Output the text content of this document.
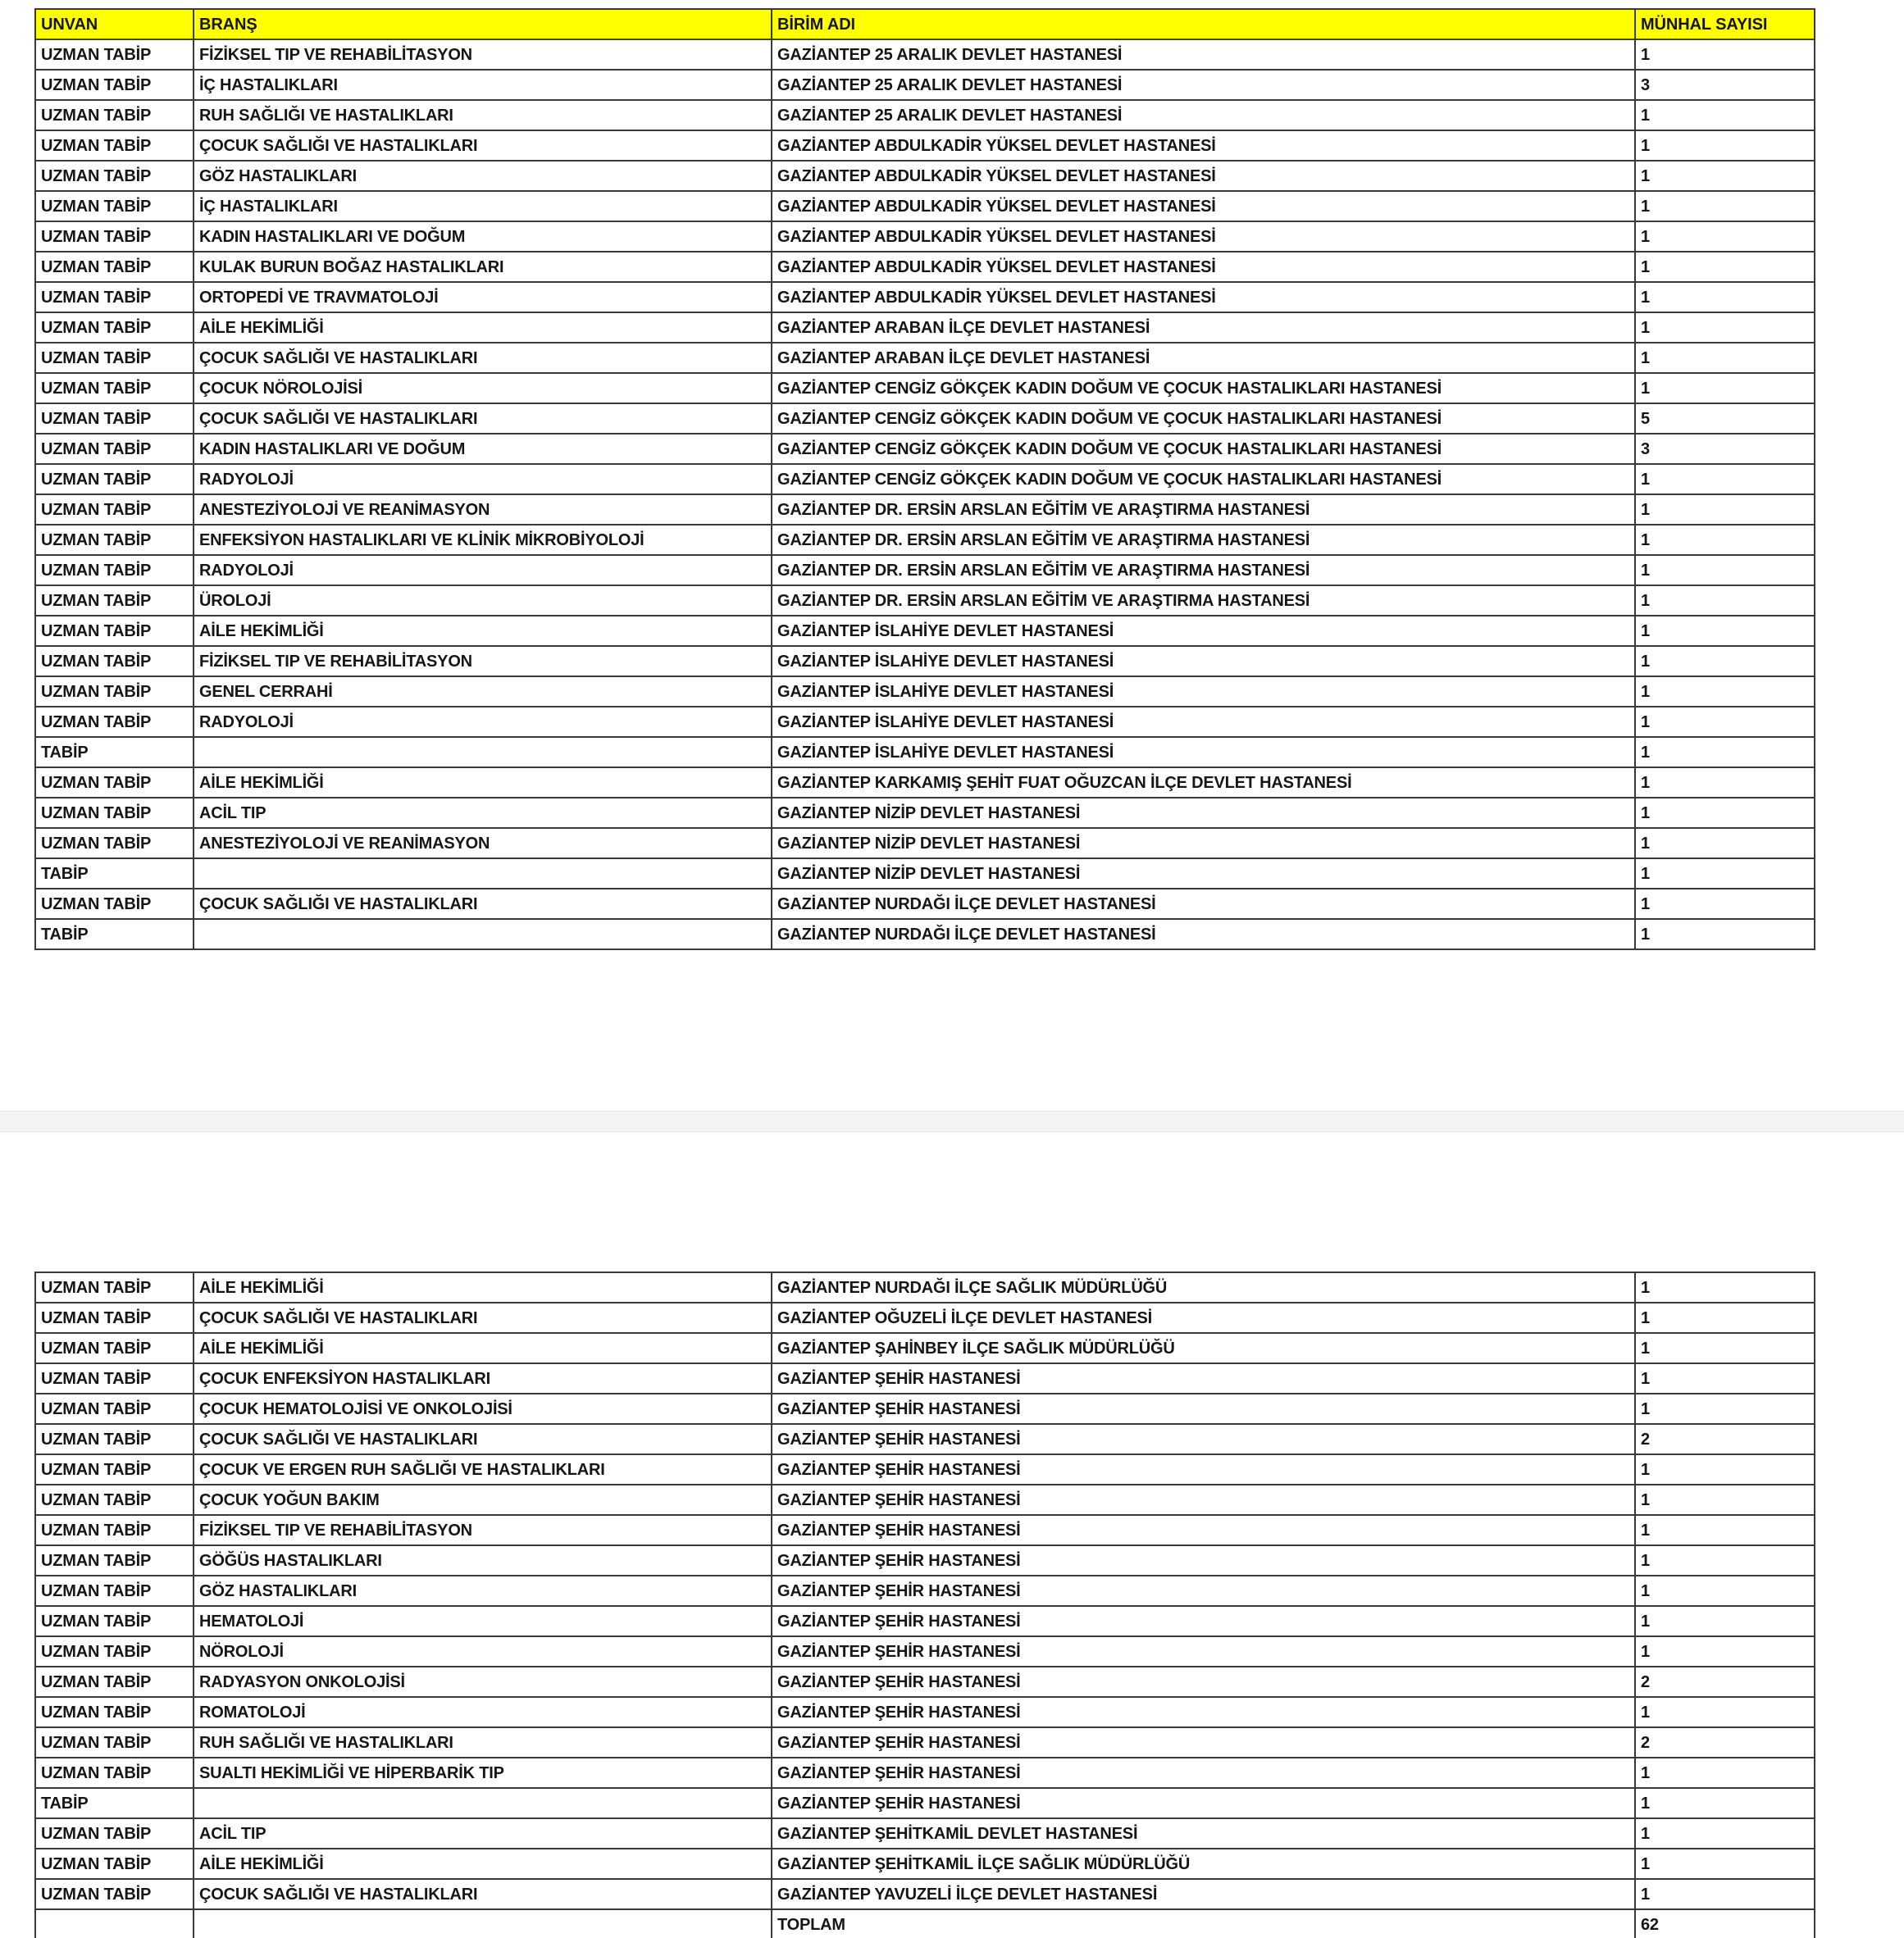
UNVAN	BRANŞ	BİRİM ADI	MÜNHAL SAYISI
UZMAN TABİP	FİZİKSEL TIP VE REHABİLİTASYON	GAZİANTEP 25 ARALIK DEVLET HASTANESİ	1
UZMAN TABİP	İÇ HASTALIKLARI	GAZİANTEP 25 ARALIK DEVLET HASTANESİ	3
UZMAN TABİP	RUH SAĞLIĞI VE HASTALIKLARI	GAZİANTEP 25 ARALIK DEVLET HASTANESİ	1
UZMAN TABİP	ÇOCUK SAĞLIĞI VE HASTALIKLARI	GAZİANTEP ABDULKADİR YÜKSEL DEVLET HASTANESİ	1
UZMAN TABİP	GÖZ HASTALIKLARI	GAZİANTEP ABDULKADİR YÜKSEL DEVLET HASTANESİ	1
UZMAN TABİP	İÇ HASTALIKLARI	GAZİANTEP ABDULKADİR YÜKSEL DEVLET HASTANESİ	1
UZMAN TABİP	KADIN HASTALIKLARI VE DOĞUM	GAZİANTEP ABDULKADİR YÜKSEL DEVLET HASTANESİ	1
UZMAN TABİP	KULAK BURUN BOĞAZ HASTALIKLARI	GAZİANTEP ABDULKADİR YÜKSEL DEVLET HASTANESİ	1
UZMAN TABİP	ORTOPEDİ VE TRAVMATOLOJİ	GAZİANTEP ABDULKADİR YÜKSEL DEVLET HASTANESİ	1
UZMAN TABİP	AİLE HEKİMLİĞİ	GAZİANTEP ARABAN İLÇE DEVLET HASTANESİ	1
UZMAN TABİP	ÇOCUK SAĞLIĞI VE HASTALIKLARI	GAZİANTEP ARABAN İLÇE DEVLET HASTANESİ	1
UZMAN TABİP	ÇOCUK NÖROLOJİSİ	GAZİANTEP CENGİZ GÖKÇEK KADIN DOĞUM VE ÇOCUK HASTALIKLARI HASTANESİ	1
UZMAN TABİP	ÇOCUK SAĞLIĞI VE HASTALIKLARI	GAZİANTEP CENGİZ GÖKÇEK KADIN DOĞUM VE ÇOCUK HASTALIKLARI HASTANESİ	5
UZMAN TABİP	KADIN HASTALIKLARI VE DOĞUM	GAZİANTEP CENGİZ GÖKÇEK KADIN DOĞUM VE ÇOCUK HASTALIKLARI HASTANESİ	3
UZMAN TABİP	RADYOLOJİ	GAZİANTEP CENGİZ GÖKÇEK KADIN DOĞUM VE ÇOCUK HASTALIKLARI HASTANESİ	1
UZMAN TABİP	ANESTEZİYOLOJİ VE REANİMASYON	GAZİANTEP DR. ERSİN ARSLAN EĞİTİM VE ARAŞTIRMA HASTANESİ	1
UZMAN TABİP	ENFEKSİYON HASTALIKLARI VE KLİNİK MİKROBİYOLOJİ	GAZİANTEP DR. ERSİN ARSLAN EĞİTİM VE ARAŞTIRMA HASTANESİ	1
UZMAN TABİP	RADYOLOJİ	GAZİANTEP DR. ERSİN ARSLAN EĞİTİM VE ARAŞTIRMA HASTANESİ	1
UZMAN TABİP	ÜROLOJİ	GAZİANTEP DR. ERSİN ARSLAN EĞİTİM VE ARAŞTIRMA HASTANESİ	1
UZMAN TABİP	AİLE HEKİMLİĞİ	GAZİANTEP İSLAHİYE DEVLET HASTANESİ	1
UZMAN TABİP	FİZİKSEL TIP VE REHABİLİTASYON	GAZİANTEP İSLAHİYE DEVLET HASTANESİ	1
UZMAN TABİP	GENEL CERRAHİ	GAZİANTEP İSLAHİYE DEVLET HASTANESİ	1
UZMAN TABİP	RADYOLOJİ	GAZİANTEP İSLAHİYE DEVLET HASTANESİ	1
TABİP		GAZİANTEP İSLAHİYE DEVLET HASTANESİ	1
UZMAN TABİP	AİLE HEKİMLİĞİ	GAZİANTEP KARKAMIŞ ŞEHİT FUAT OĞUZCAN İLÇE DEVLET HASTANESİ	1
UZMAN TABİP	ACİL TIP	GAZİANTEP NİZİP DEVLET HASTANESİ	1
UZMAN TABİP	ANESTEZİYOLOJİ VE REANİMASYON	GAZİANTEP NİZİP DEVLET HASTANESİ	1
TABİP		GAZİANTEP NİZİP DEVLET HASTANESİ	1
UZMAN TABİP	ÇOCUK SAĞLIĞI VE HASTALIKLARI	GAZİANTEP NURDAĞI İLÇE DEVLET HASTANESİ	1
TABİP		GAZİANTEP NURDAĞI İLÇE DEVLET HASTANESİ	1
UZMAN TABİP	AİLE HEKİMLİĞİ	GAZİANTEP NURDAĞI İLÇE SAĞLIK MÜDÜRLÜĞÜ	1
UZMAN TABİP	ÇOCUK SAĞLIĞI VE HASTALIKLARI	GAZİANTEP OĞUZELİ İLÇE DEVLET HASTANESİ	1
UZMAN TABİP	AİLE HEKİMLİĞİ	GAZİANTEP ŞAHİNBEY İLÇE SAĞLIK MÜDÜRLÜĞÜ	1
UZMAN TABİP	ÇOCUK ENFEKSİYON HASTALIKLARI	GAZİANTEP ŞEHİR HASTANESİ	1
UZMAN TABİP	ÇOCUK HEMATOLOJİSİ VE ONKOLOJİSİ	GAZİANTEP ŞEHİR HASTANESİ	1
UZMAN TABİP	ÇOCUK SAĞLIĞI VE HASTALIKLARI	GAZİANTEP ŞEHİR HASTANESİ	2
UZMAN TABİP	ÇOCUK VE ERGEN RUH SAĞLIĞI VE HASTALIKLARI	GAZİANTEP ŞEHİR HASTANESİ	1
UZMAN TABİP	ÇOCUK YOĞUN BAKIM	GAZİANTEP ŞEHİR HASTANESİ	1
UZMAN TABİP	FİZİKSEL TIP VE REHABİLİTASYON	GAZİANTEP ŞEHİR HASTANESİ	1
UZMAN TABİP	GÖĞÜS HASTALIKLARI	GAZİANTEP ŞEHİR HASTANESİ	1
UZMAN TABİP	GÖZ HASTALIKLARI	GAZİANTEP ŞEHİR HASTANESİ	1
UZMAN TABİP	HEMATOLOJİ	GAZİANTEP ŞEHİR HASTANESİ	1
UZMAN TABİP	NÖROLOJİ	GAZİANTEP ŞEHİR HASTANESİ	1
UZMAN TABİP	RADYASYON ONKOLOJİSİ	GAZİANTEP ŞEHİR HASTANESİ	2
UZMAN TABİP	ROMATOLOJİ	GAZİANTEP ŞEHİR HASTANESİ	1
UZMAN TABİP	RUH SAĞLIĞI VE HASTALIKLARI	GAZİANTEP ŞEHİR HASTANESİ	2
UZMAN TABİP	SUALTI HEKİMLİĞİ VE HİPERBARİK TIP	GAZİANTEP ŞEHİR HASTANESİ	1
TABİP		GAZİANTEP ŞEHİR HASTANESİ	1
UZMAN TABİP	ACİL TIP	GAZİANTEP ŞEHİTKAMİL DEVLET HASTANESİ	1
UZMAN TABİP	AİLE HEKİMLİĞİ	GAZİANTEP ŞEHİTKAMİL İLÇE SAĞLIK MÜDÜRLÜĞÜ	1
UZMAN TABİP	ÇOCUK SAĞLIĞI VE HASTALIKLARI	GAZİANTEP YAVUZELİ İLÇE DEVLET HASTANESİ	1
		TOPLAM	62
